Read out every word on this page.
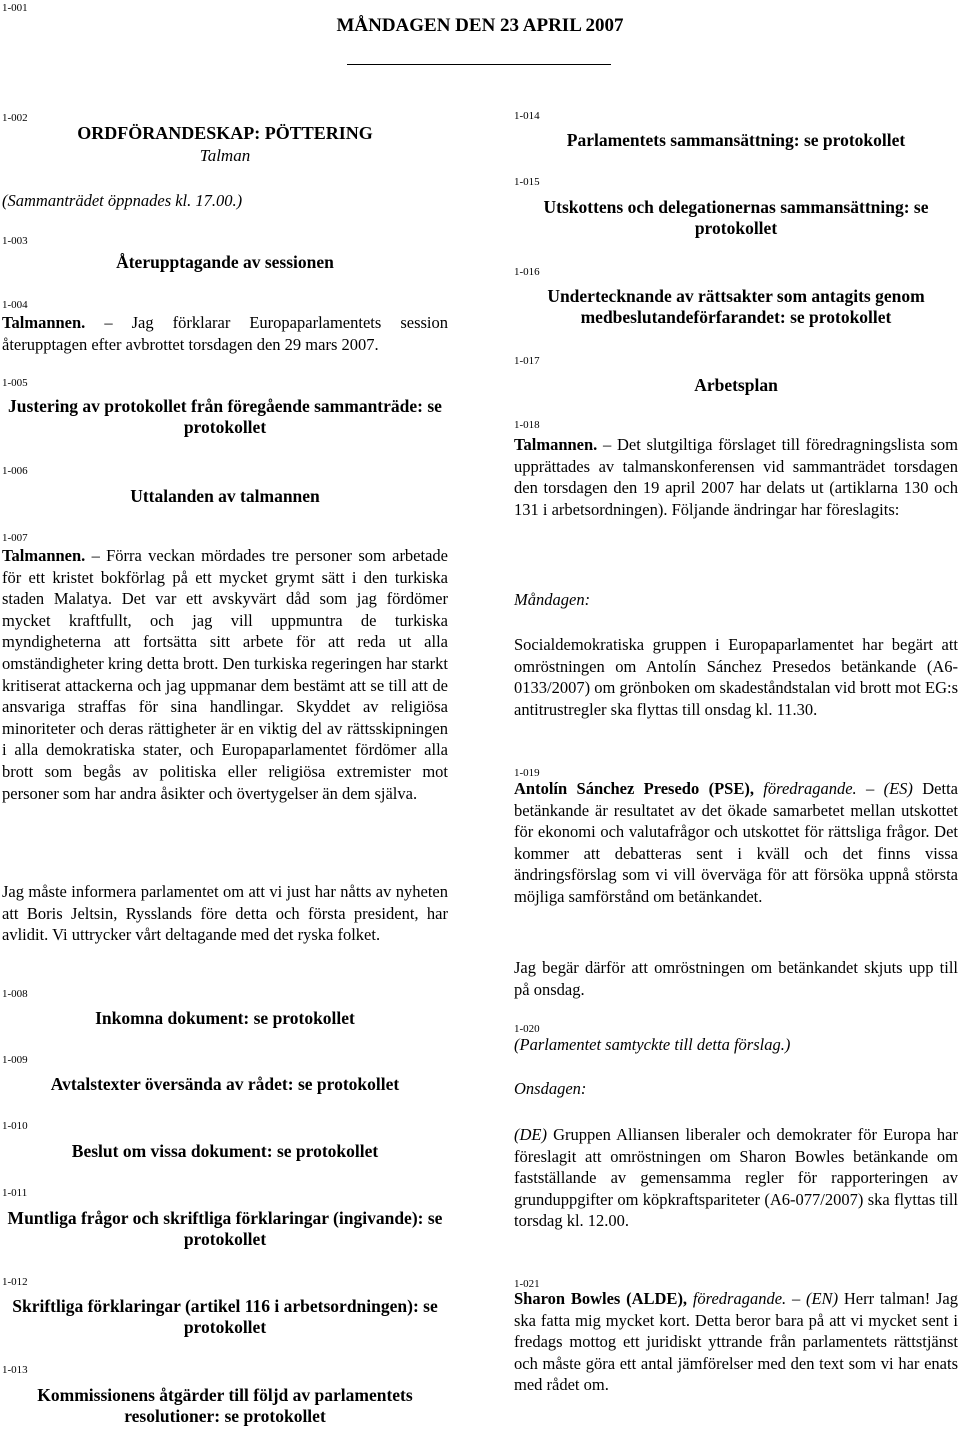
1-001
MÅNDAGEN DEN 23 APRIL 2007
1-002
ORDFÖRANDESKAP: PÖTTERING
Talman
(Sammanträdet öppnades kl. 17.00.)
1-003
Återupptagande av sessionen
1-004

Talmannen. – Jag förklarar Europaparlamentets session återupptagen efter avbrottet torsdagen den 29 mars 2007.

1-005
Justering av protokollet från föregående sammanträde: se protokollet
1-006
Uttalanden av talmannen
1-007

Talmannen. – Förra veckan mördades tre personer som arbetade för ett kristet bokförlag på ett mycket grymt sätt i den turkiska staden Malatya. Det var ett avskyvärt dåd som jag fördömer mycket kraftfullt, och jag vill uppmuntra de turkiska myndigheterna att fortsätta sitt arbete för att reda ut alla omständigheter kring detta brott. Den turkiska regeringen har starkt kritiserat attackerna och jag uppmanar dem bestämt att se till att de ansvariga straffas för sina handlingar. Skyddet av religiösa minoriteter och deras rättigheter är en viktig del av rättsskipningen i alla demokratiska stater, och Europaparlamentet fördömer alla brott som begås av politiska eller religiösa extremister mot personer som har andra åsikter och övertygelser än dem själva.

Jag måste informera parlamentet om att vi just har nåtts av nyheten att Boris Jeltsin, Rysslands före detta och första president, har avlidit. Vi uttrycker vårt deltagande med det ryska folket.

1-008
Inkomna dokument: se protokollet
1-009
Avtalstexter översända av rådet: se protokollet
1-010
Beslut om vissa dokument: se protokollet
1-011
Muntliga frågor och skriftliga förklaringar (ingivande): se protokollet
1-012
Skriftliga förklaringar (artikel 116 i arbetsordningen): se protokollet
1-013
Kommissionens åtgärder till följd av parlamentets resolutioner: se protokollet
1-014
Parlamentets sammansättning: se protokollet
1-015
Utskottens och delegationernas sammansättning: se protokollet
1-016
Undertecknande av rättsakter som antagits genom medbeslutandeförfarandet: se protokollet
1-017
Arbetsplan
1-018

Talmannen. – Det slutgiltiga förslaget till föredragningslista som upprättades av talmanskonferensen vid sammanträdet torsdagen den torsdagen den 19 april 2007 har delats ut (artiklarna 130 och 131 i arbetsordningen). Följande ändringar har föreslagits:

Måndagen:

Socialdemokratiska gruppen i Europaparlamentet har begärt att omröstningen om Antolín Sánchez Presedos betänkande (A6-0133/2007) om grönboken om skadeståndstalan vid brott mot EG:s antitrustregler ska flyttas till onsdag kl. 11.30.

1-019

Antolín Sánchez Presedo (PSE), föredragande. – (ES) Detta betänkande är resultatet av det ökade samarbetet mellan utskottet för ekonomi och valutafrågor och utskottet för rättsliga frågor. Det kommer att debatteras sent i kväll och det finns vissa ändringsförslag som vi vill överväga för att försöka uppnå största möjliga samförstånd om betänkandet.

Jag begär därför att omröstningen om betänkandet skjuts upp till på onsdag.

1-020

(Parlamentet samtyckte till detta förslag.)

Onsdagen:

(DE) Gruppen Alliansen liberaler och demokrater för Europa har föreslagit att omröstningen om Sharon Bowles betänkande om fastställande av gemensamma regler för rapporteringen av grunduppgifter om köpkraftspariteter (A6-077/2007) ska flyttas till torsdag kl. 12.00.

1-021

Sharon Bowles (ALDE), föredragande. – (EN) Herr talman! Jag ska fatta mig mycket kort. Detta beror bara på att vi mycket sent i fredags mottog ett juridiskt yttrande från parlamentets rättstjänst och måste göra ett antal jämförelser med den text som vi har enats med rådet om.
